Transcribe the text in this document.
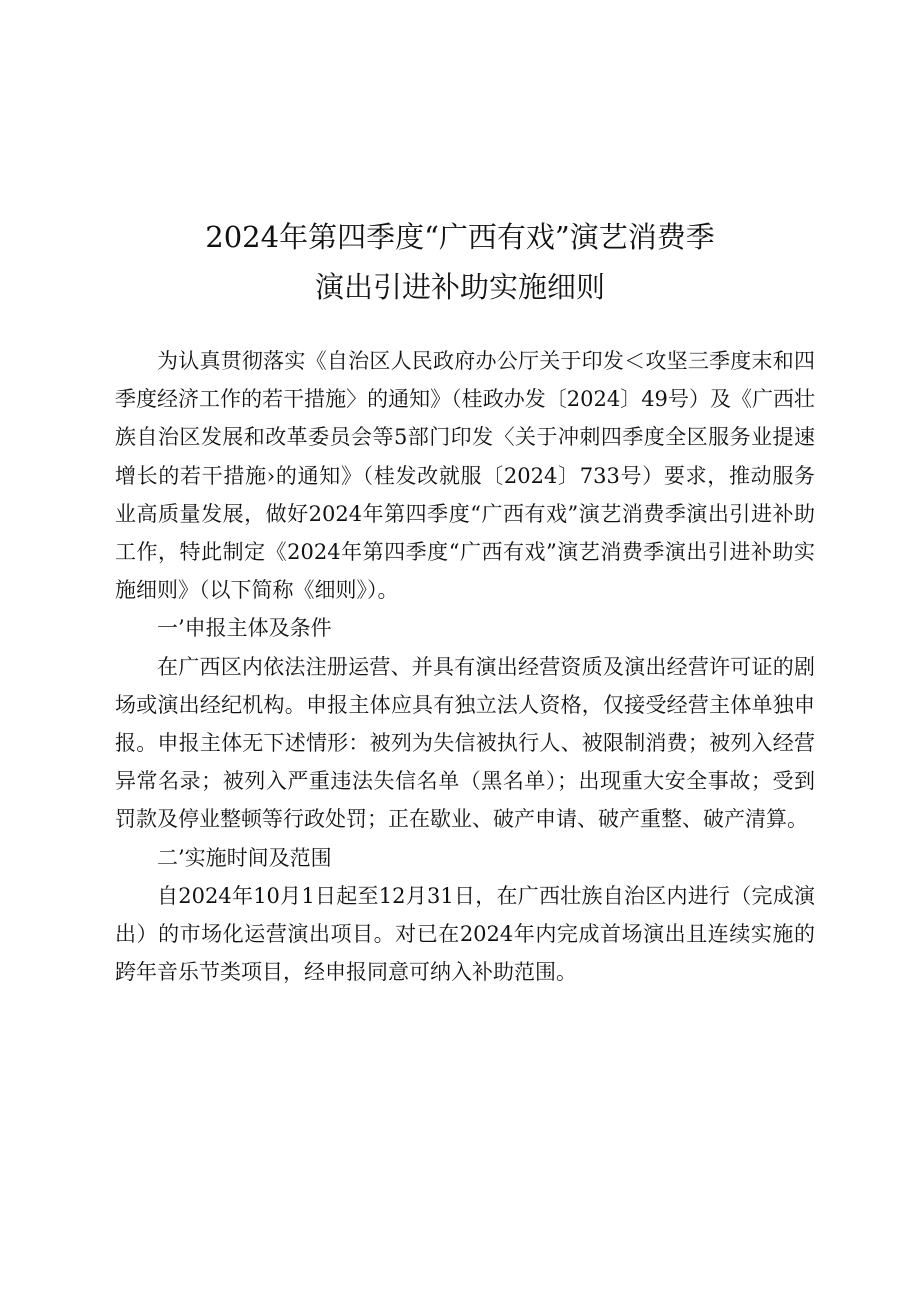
2024年第四季度“广西有戏”演艺消费季
演出引进补助实施细则

为认真贯彻落实《自治区人民政府办公厅关于印发＜攻坚三季度末和四季度经济工作的若干措施〉的通知》（桂政办发〔2024〕49号）及《广西壮族自治区发展和改革委员会等5部门印发〈关于冲刺四季度全区服务业提速增长的若干措施›的通知》（桂发改就服〔2024〕733号）要求，推动服务业高质量发展，做好2024年第四季度“广西有戏”演艺消费季演出引进补助工作，特此制定《2024年第四季度“广西有戏”演艺消费季演出引进补助实施细则》（以下简称《细则》）。

一’申报主体及条件

在广西区内依法注册运营、并具有演出经营资质及演出经营许可证的剧场或演出经纪机构。申报主体应具有独立法人资格，仅接受经营主体单独申报。申报主体无下述情形：被列为失信被执行人、被限制消费；被列入经营异常名录；被列入严重违法失信名单（黑名单）；出现重大安全事故；受到罚款及停业整顿等行政处罚；正在歇业、破产申请、破产重整、破产清算。

二’实施时间及范围

自2024年10月1日起至12月31日，在广西壮族自治区内进行（完成演出）的市场化运营演出项目。对已在2024年内完成首场演出且连续实施的跨年音乐节类项目，经申报同意可纳入补助范围。
